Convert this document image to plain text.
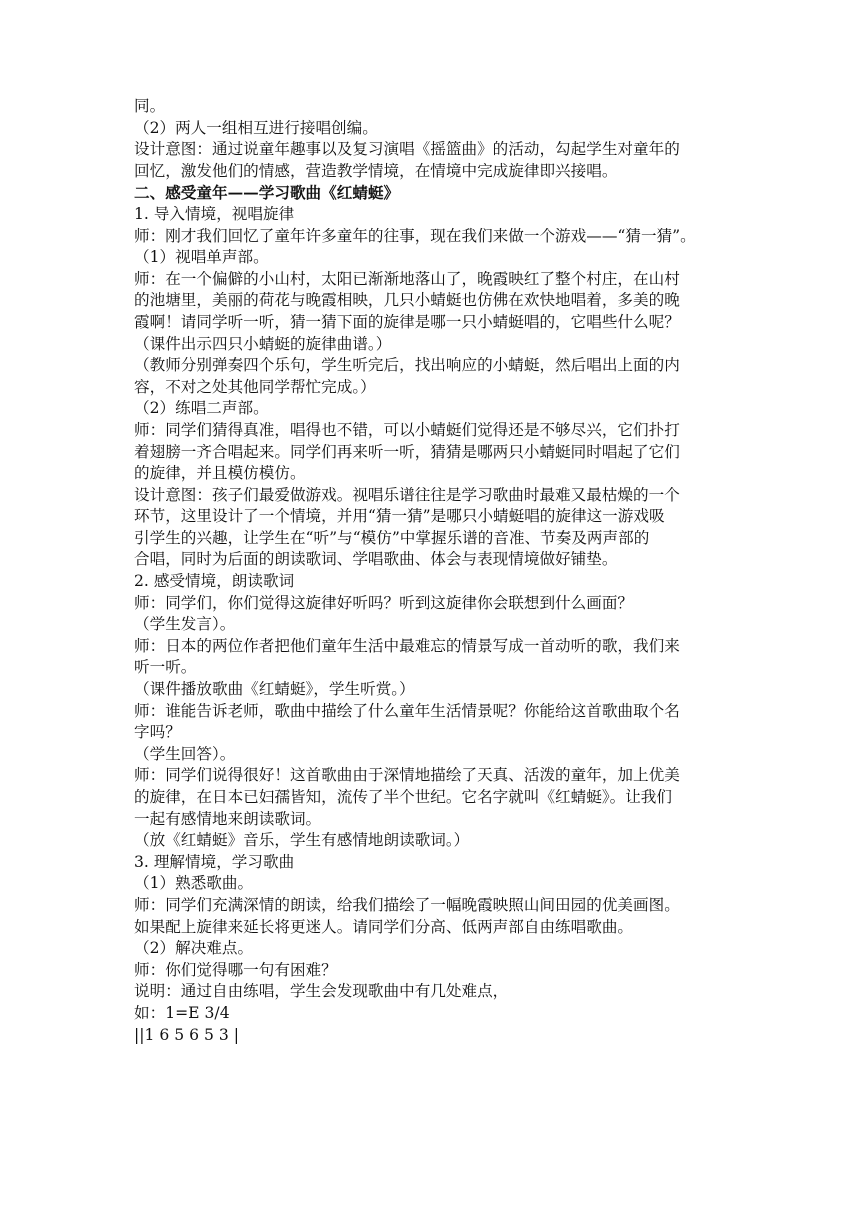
同。
（2）两人一组相互进行接唱创编。
设计意图：通过说童年趣事以及复习演唱《摇篮曲》的活动，勾起学生对童年的
回忆，激发他们的情感，营造教学情境，在情境中完成旋律即兴接唱。
二、感受童年——学习歌曲《红蜻蜓》
1. 导入情境，视唱旋律
师：刚才我们回忆了童年许多童年的往事，现在我们来做一个游戏——“猜一猜”。
（1）视唱单声部。
师：在一个偏僻的小山村，太阳已渐渐地落山了，晚霞映红了整个村庄，在山村
的池塘里，美丽的荷花与晚霞相映，几只小蜻蜓也仿佛在欢快地唱着，多美的晚
霞啊！请同学听一听，猜一猜下面的旋律是哪一只小蜻蜓唱的，它唱些什么呢？
（课件出示四只小蜻蜓的旋律曲谱。）
（教师分别弹奏四个乐句，学生听完后，找出响应的小蜻蜓，然后唱出上面的内
容，不对之处其他同学帮忙完成。）
（2）练唱二声部。
师：同学们猜得真准，唱得也不错，可以小蜻蜓们觉得还是不够尽兴，它们扑打
着翅膀一齐合唱起来。同学们再来听一听，猜猜是哪两只小蜻蜓同时唱起了它们
的旋律，并且模仿模仿。
设计意图：孩子们最爱做游戏。视唱乐谱往往是学习歌曲时最难又最枯燥的一个
环节，这里设计了一个情境，并用“猜一猜”是哪只小蜻蜓唱的旋律这一游戏吸
引学生的兴趣，让学生在“听”与“模仿”中掌握乐谱的音准、节奏及两声部的
合唱，同时为后面的朗读歌词、学唱歌曲、体会与表现情境做好铺垫。
2. 感受情境，朗读歌词
师：同学们，你们觉得这旋律好听吗？听到这旋律你会联想到什么画面？
（学生发言）。
师：日本的两位作者把他们童年生活中最难忘的情景写成一首动听的歌，我们来
听一听。
（课件播放歌曲《红蜻蜓》，学生听赏。）
师：谁能告诉老师，歌曲中描绘了什么童年生活情景呢？你能给这首歌曲取个名
字吗？
（学生回答）。
师：同学们说得很好！这首歌曲由于深情地描绘了天真、活泼的童年，加上优美
的旋律，在日本已妇孺皆知，流传了半个世纪。它名字就叫《红蜻蜓》。让我们
一起有感情地来朗读歌词。
（放《红蜻蜓》音乐，学生有感情地朗读歌词。）
3. 理解情境，学习歌曲
（1）熟悉歌曲。
师：同学们充满深情的朗读，给我们描绘了一幅晚霞映照山间田园的优美画图。
如果配上旋律来延长将更迷人。请同学们分高、低两声部自由练唱歌曲。
（2）解决难点。
师：你们觉得哪一句有困难？
说明：通过自由练唱，学生会发现歌曲中有几处难点，
如：1=E 3/4
||1 6 5 6 5 3 |
